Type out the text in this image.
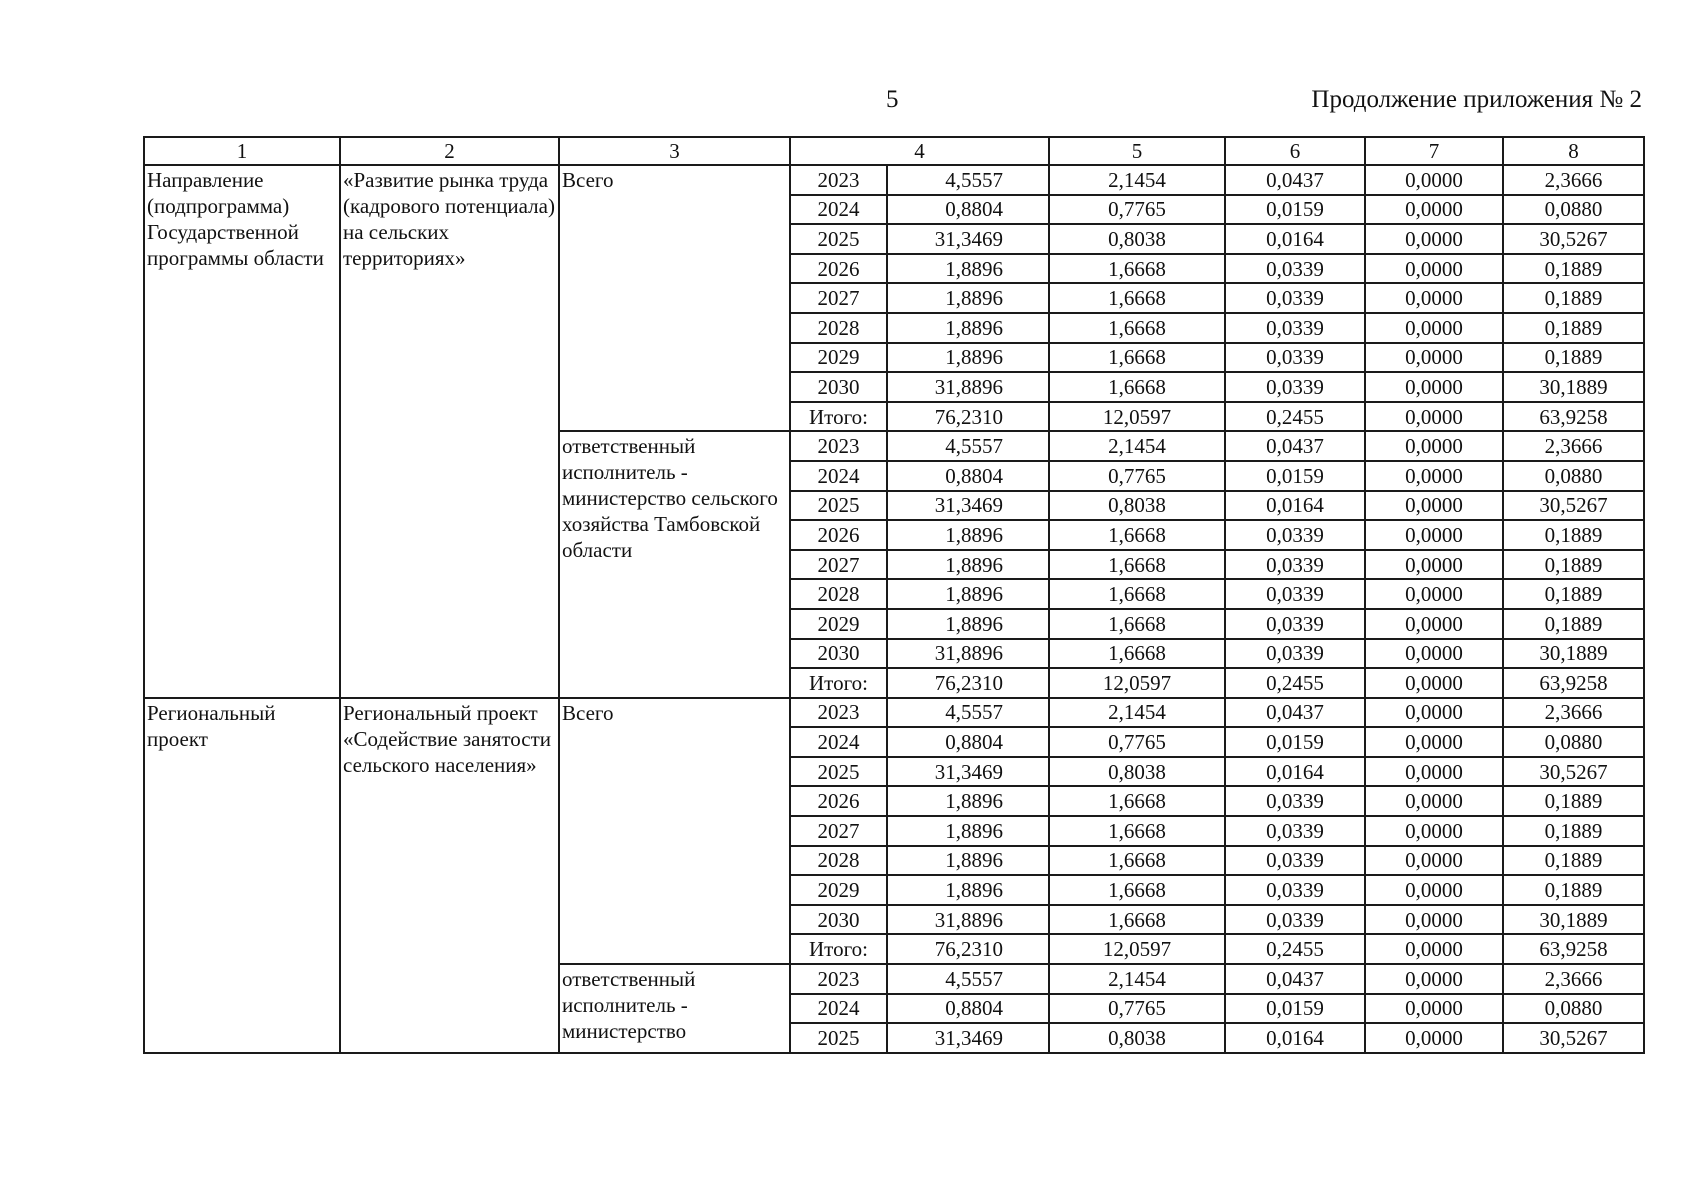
5	Продолжение приложения № 2
1	2	3	4		5	6	7	8
Направление (подпрограмма) Государственной программы области	«Развитие рынка труда (кадрового потенциала) на сельских территориях»	Всего	2023	4,5557	2,1454	0,0437	0,0000	2,3666
			2024	0,8804	0,7765	0,0159	0,0000	0,0880
			2025	31,3469	0,8038	0,0164	0,0000	30,5267
			2026	1,8896	1,6668	0,0339	0,0000	0,1889
			2027	1,8896	1,6668	0,0339	0,0000	0,1889
			2028	1,8896	1,6668	0,0339	0,0000	0,1889
			2029	1,8896	1,6668	0,0339	0,0000	0,1889
			2030	31,8896	1,6668	0,0339	0,0000	30,1889
			Итого:	76,2310	12,0597	0,2455	0,0000	63,9258
		ответственный исполнитель - министерство сельского хозяйства Тамбовской области	2023	4,5557	2,1454	0,0437	0,0000	2,3666
			2024	0,8804	0,7765	0,0159	0,0000	0,0880
			2025	31,3469	0,8038	0,0164	0,0000	30,5267
			2026	1,8896	1,6668	0,0339	0,0000	0,1889
			2027	1,8896	1,6668	0,0339	0,0000	0,1889
			2028	1,8896	1,6668	0,0339	0,0000	0,1889
			2029	1,8896	1,6668	0,0339	0,0000	0,1889
			2030	31,8896	1,6668	0,0339	0,0000	30,1889
			Итого:	76,2310	12,0597	0,2455	0,0000	63,9258
Региональный проект	Региональный проект «Содействие занятости сельского населения»	Всего	2023	4,5557	2,1454	0,0437	0,0000	2,3666
			2024	0,8804	0,7765	0,0159	0,0000	0,0880
			2025	31,3469	0,8038	0,0164	0,0000	30,5267
			2026	1,8896	1,6668	0,0339	0,0000	0,1889
			2027	1,8896	1,6668	0,0339	0,0000	0,1889
			2028	1,8896	1,6668	0,0339	0,0000	0,1889
			2029	1,8896	1,6668	0,0339	0,0000	0,1889
			2030	31,8896	1,6668	0,0339	0,0000	30,1889
			Итого:	76,2310	12,0597	0,2455	0,0000	63,9258
		ответственный исполнитель - министерство	2023	4,5557	2,1454	0,0437	0,0000	2,3666
			2024	0,8804	0,7765	0,0159	0,0000	0,0880
			2025	31,3469	0,8038	0,0164	0,0000	30,5267
